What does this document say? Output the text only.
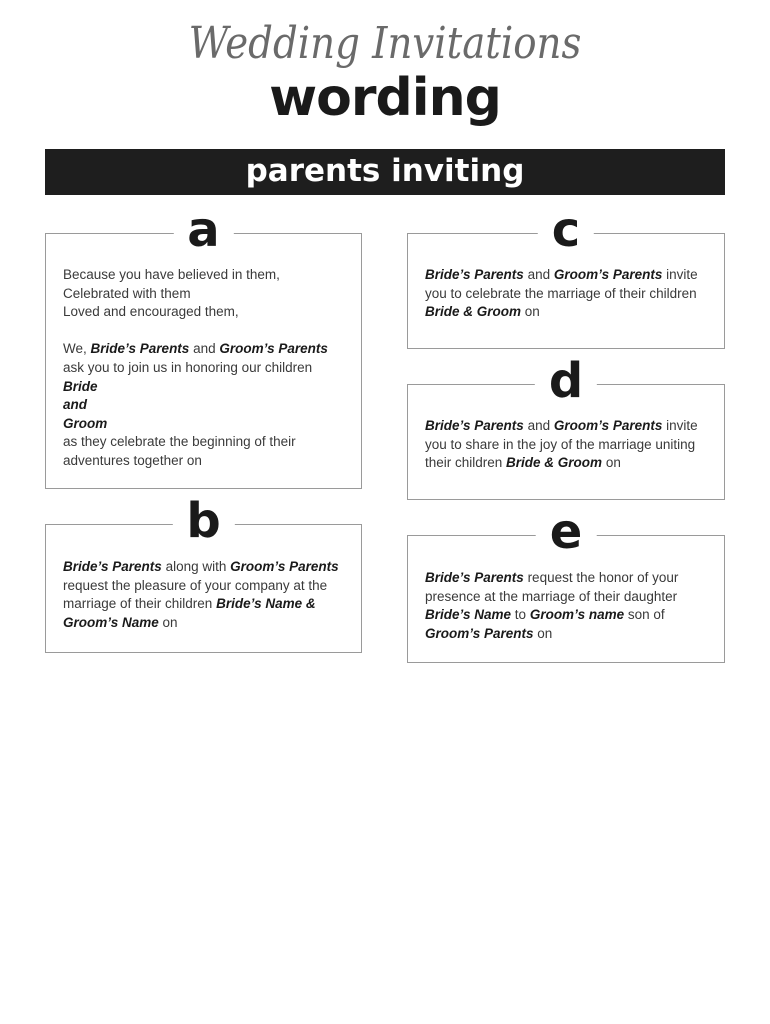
Wedding Invitations
wording
parents inviting
a
Because you have believed in them,
Celebrated with them
Loved and encouraged them,
We, Bride’s Parents and Groom’s Parents
ask you to join us in honoring our children
Bride
and
Groom
as they celebrate the beginning of their
adventures together on
b
Bride’s Parents along with Groom’s Parents
request the pleasure of your company at the
marriage of their children Bride’s Name &
Groom’s Name on
c
Bride’s Parents and Groom’s Parents invite
you to celebrate the marriage of their children
Bride & Groom on
d
Bride’s Parents and Groom’s Parents invite
you to share in the joy of the marriage uniting
their children Bride & Groom on
e
Bride’s Parents request the honor of your
presence at the marriage of their daughter
Bride’s Name to Groom’s name son of
Groom’s Parents on
